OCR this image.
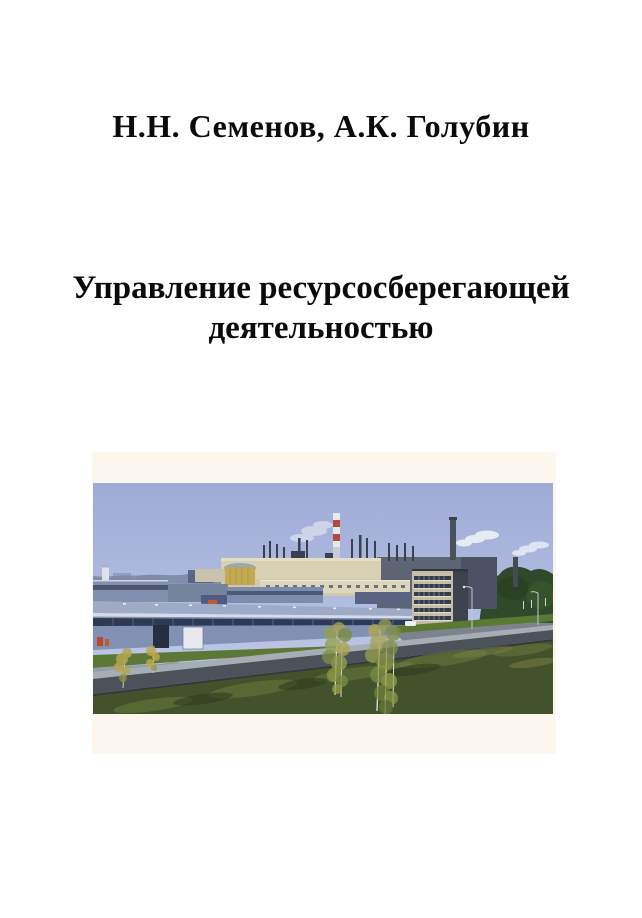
Н.Н. Семенов, А.К. Голубин
Управление ресурсосберегающей
деятельностью
